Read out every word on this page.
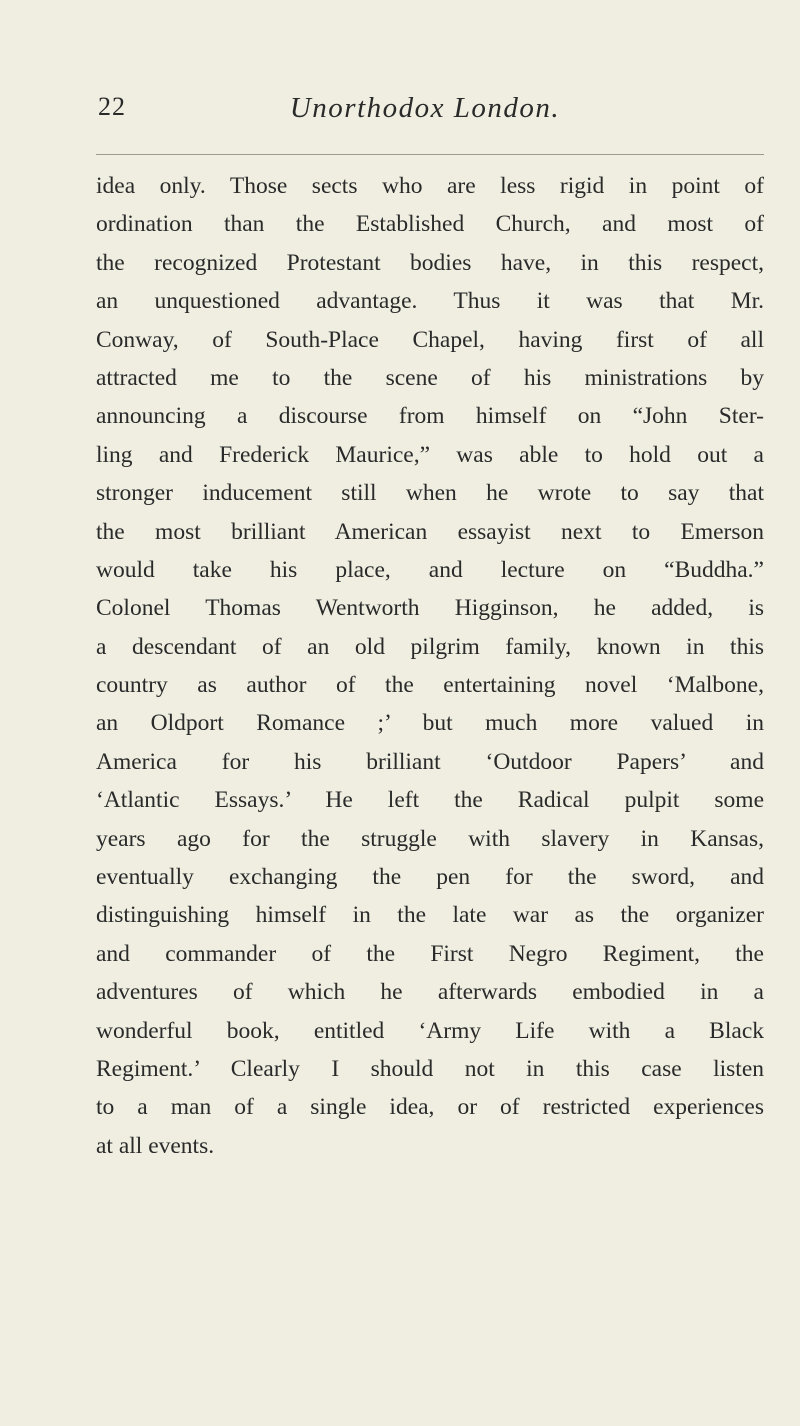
22	Unorthodox London.
idea only. Those sects who are less rigid in point of
ordination than the Established Church, and most of
the recognized Protestant bodies have, in this respect,
an unquestioned advantage. Thus it was that Mr.
Conway, of South-Place Chapel, having first of all
attracted me to the scene of his ministrations by
announcing a discourse from himself on “John Ster-
ling and Frederick Maurice,” was able to hold out a
stronger inducement still when he wrote to say that
the most brilliant American essayist next to Emerson
would take his place, and lecture on “Buddha.”
Colonel Thomas Wentworth Higginson, he added, is
a descendant of an old pilgrim family, known in this
country as author of the entertaining novel ‘Malbone,
an Oldport Romance ;’ but much more valued in
America for his brilliant ‘Outdoor Papers’ and
‘Atlantic Essays.’ He left the Radical pulpit some
years ago for the struggle with slavery in Kansas,
eventually exchanging the pen for the sword, and
distinguishing himself in the late war as the organizer
and commander of the First Negro Regiment, the
adventures of which he afterwards embodied in a
wonderful book, entitled ‘Army Life with a Black
Regiment.’ Clearly I should not in this case listen
to a man of a single idea, or of restricted experiences
at all events.
